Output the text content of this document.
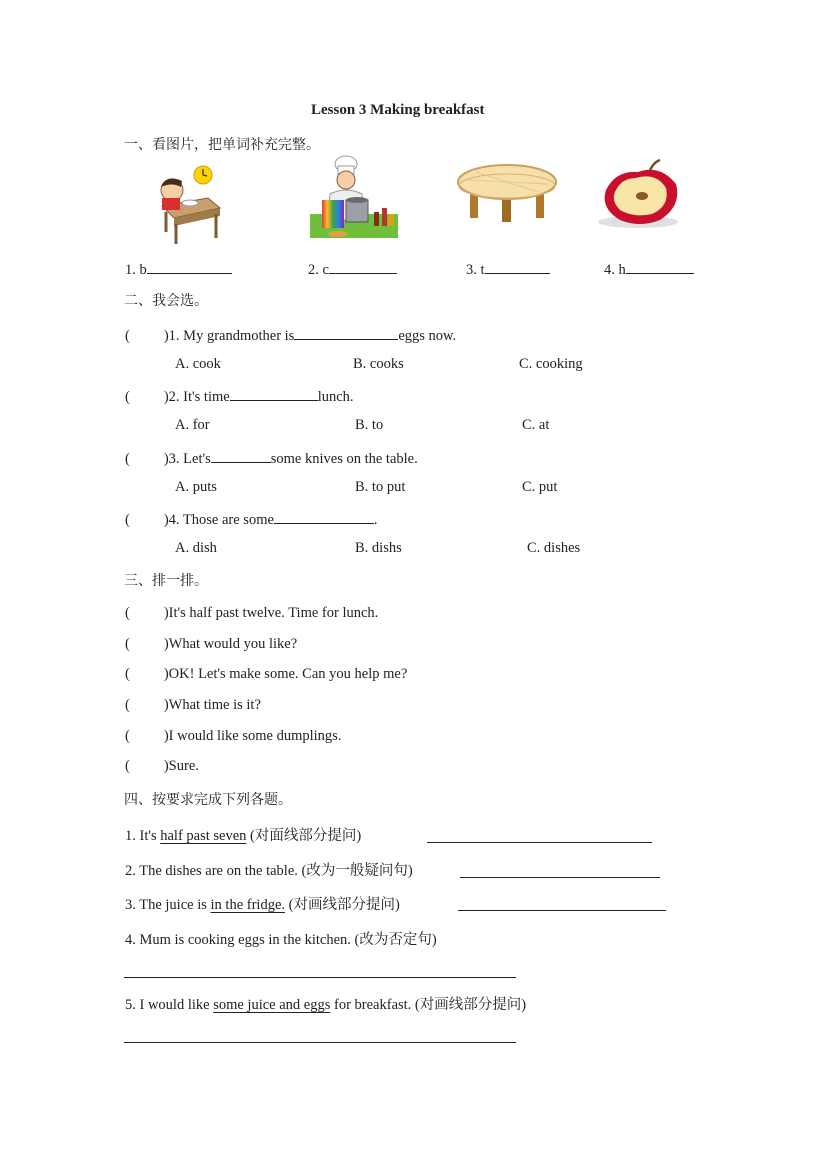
Lesson 3 Making breakfast
一、看图片，把单词补充完整。
1. b	2. c	3. t	4. h
二、我会选。
( )1. My grandmother is	eggs now.
A. cook	B. cooks	C. cooking
( )2. It's time	lunch.
A. for	B. to	C. at
( )3. Let's	some knives on the table.
A. puts	B. to put	C. put
( )4. Those are some	.
A. dish	B. dishs	C. dishes
三、排一排。
( )It's half past twelve. Time for lunch.
( )What would you like?
( )OK! Let's make some. Can you help me?
( )What time is it?
( )I would like some dumplings.
( )Sure.
四、按要求完成下列各题。
1. It's half past seven (对面线部分提问)
2. The dishes are on the table. (改为一般疑问句)
3. The juice is in the fridge. (对画线部分提问)
4. Mum is cooking eggs in the kitchen. (改为否定句)
5. I would like some juice and eggs for breakfast. (对画线部分提问)
